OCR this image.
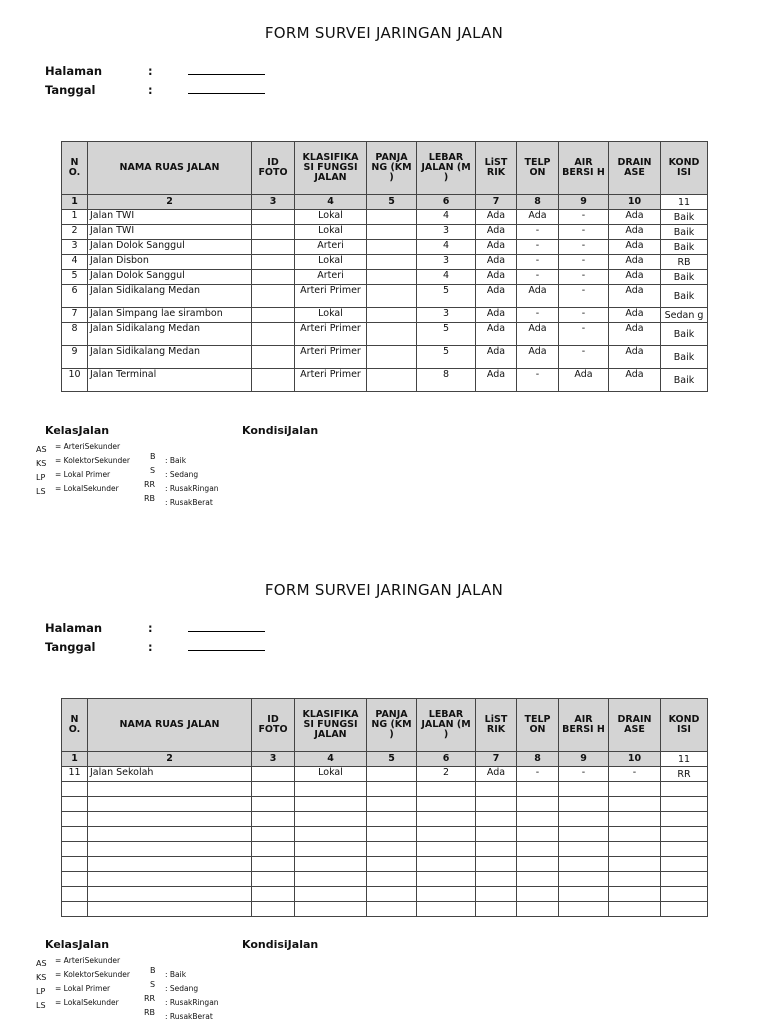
FORM SURVEI JARINGAN JALAN
Halaman	:
Tanggal	:
N O.	NAMA RUAS JALAN	ID FOTO	KLASIFIKA SI FUNGSI JALAN	PANJA NG (KM )	LEBAR JALAN (M )	LiST RIK	TELP ON	AIR BERSI H	DRAIN ASE	KOND ISI
1	2	3	4	5	6	7	8	9	10	11
1	Jalan TWI		Lokal		4	Ada	Ada	-	Ada	Baik
2	Jalan TWI		Lokal		3	Ada	-	-	Ada	Baik
3	Jalan Dolok Sanggul		Arteri		4	Ada	-	-	Ada	Baik
4	Jalan Disbon		Lokal		3	Ada	-	-	Ada	RB
5	Jalan Dolok Sanggul		Arteri		4	Ada	-	-	Ada	Baik
6	Jalan Sidikalang Medan		Arteri Primer		5	Ada	Ada	-	Ada	Baik
7	Jalan Simpang lae sirambon		Lokal		3	Ada	-	-	Ada	Sedan g
8	Jalan Sidikalang Medan		Arteri Primer		5	Ada	Ada	-	Ada	Baik
9	Jalan Sidikalang Medan		Arteri Primer		5	Ada	Ada	-	Ada	Baik
10	Jalan Terminal		Arteri Primer		8	Ada	-	Ada	Ada	Baik
KelasJalan	KondisiJalan
AS = ArteriSekunder
KS = KolektorSekunder
LP = Lokal Primer
LS = LokalSekunder
B : Baik
S : Sedang
RR : RusakRingan
RB : RusakBerat
FORM SURVEI JARINGAN JALAN
Halaman	:
Tanggal	:
N O.	NAMA RUAS JALAN	ID FOTO	KLASIFIKA SI FUNGSI JALAN	PANJA NG (KM )	LEBAR JALAN (M )	LiST RIK	TELP ON	AIR BERSI H	DRAIN ASE	KOND ISI
1	2	3	4	5	6	7	8	9	10	11
11	Jalan Sekolah		Lokal		2	Ada	-	-	-	RR

KelasJalan	KondisiJalan
AS = ArteriSekunder
KS = KolektorSekunder
LP = Lokal Primer
LS = LokalSekunder
B : Baik
S : Sedang
RR : RusakRingan
RB : RusakBerat
